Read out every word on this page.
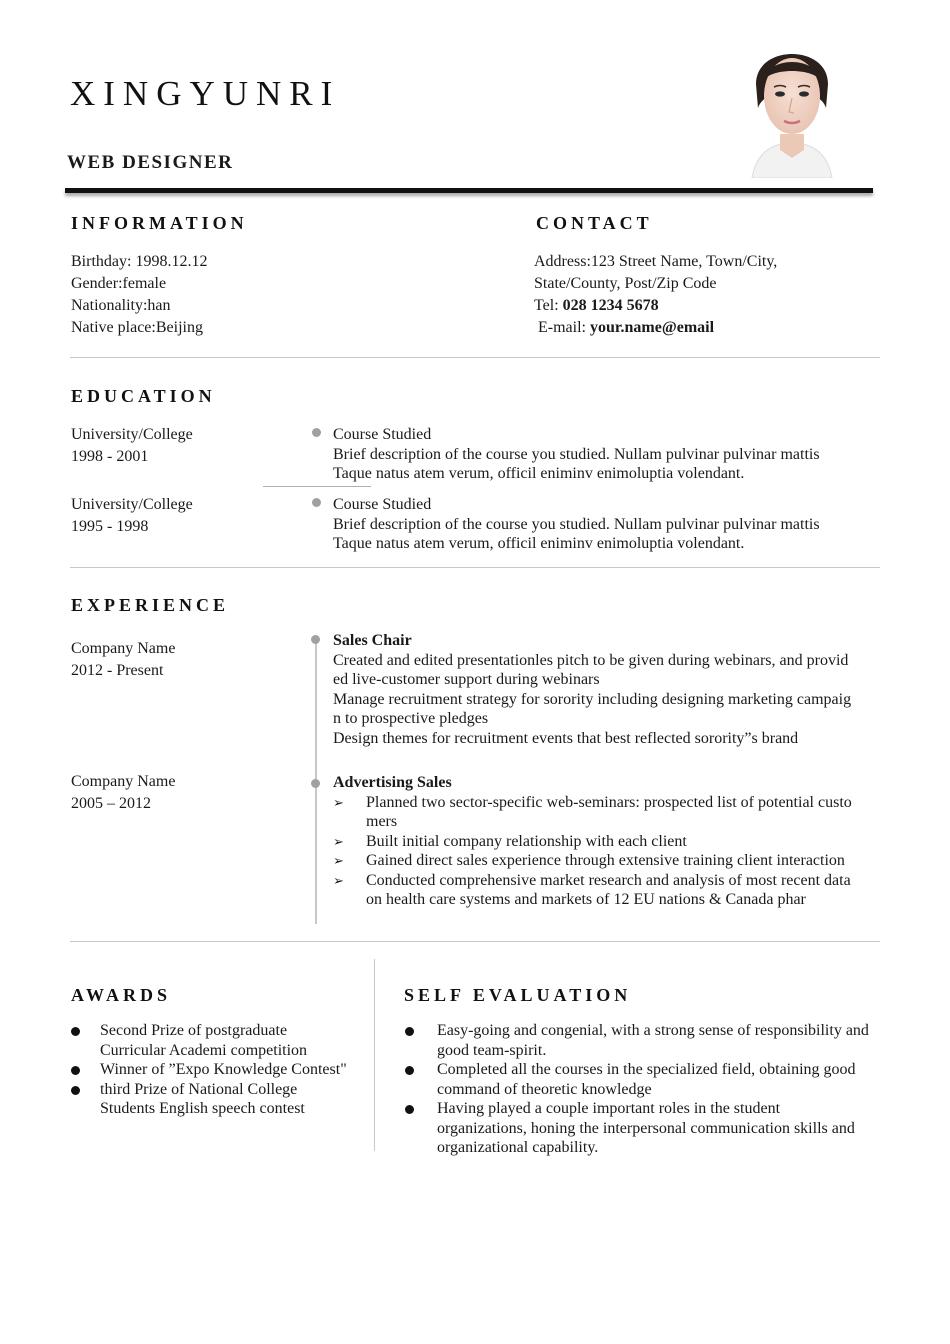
XINGYUNRI
WEB DESIGNER
INFORMATION
Birthday: 1998.12.12
Gender:female
Nationality:han
Native place:Beijing
CONTACT
Address:123 Street Name, Town/City,
State/County, Post/Zip Code
Tel: 028 1234 5678
E-mail: your.name@email
EDUCATION
University/College
1998 - 2001
Course Studied
Brief description of the course you studied. Nullam pulvinar pulvinar mattis
Taque natus atem verum, officil eniminv enimoluptia volendant.
University/College
1995 - 1998
Course Studied
Brief description of the course you studied. Nullam pulvinar pulvinar mattis
Taque natus atem verum, officil eniminv enimoluptia volendant.
EXPERIENCE
Company Name
2012 - Present
Sales Chair
Created and edited presentationles pitch to be given during webinars, and provid
ed live-customer support during webinars
Manage recruitment strategy for sorority including designing marketing campaig
n to prospective pledges
Design themes for recruitment events that best reflected sorority”s brand
Company Name
2005 – 2012
Advertising Sales
➢ Planned two sector-specific web-seminars: prospected list of potential custo
mers
➢ Built initial company relationship with each client
➢ Gained direct sales experience through extensive training client interaction
➢ Conducted comprehensive market research and analysis of most recent data
on health care systems and markets of 12 EU nations & Canada phar
AWARDS
Second Prize of postgraduate
Curricular Academi competition
Winner of ”Expo Knowledge Contest"
third Prize of National College
Students English speech contest
SELF EVALUATION
Easy-going and congenial, with a strong sense of responsibility and
good team-spirit.
Completed all the courses in the specialized field, obtaining good
command of theoretic knowledge
Having played a couple important roles in the student
organizations, honing the interpersonal communication skills and
organizational capability.
